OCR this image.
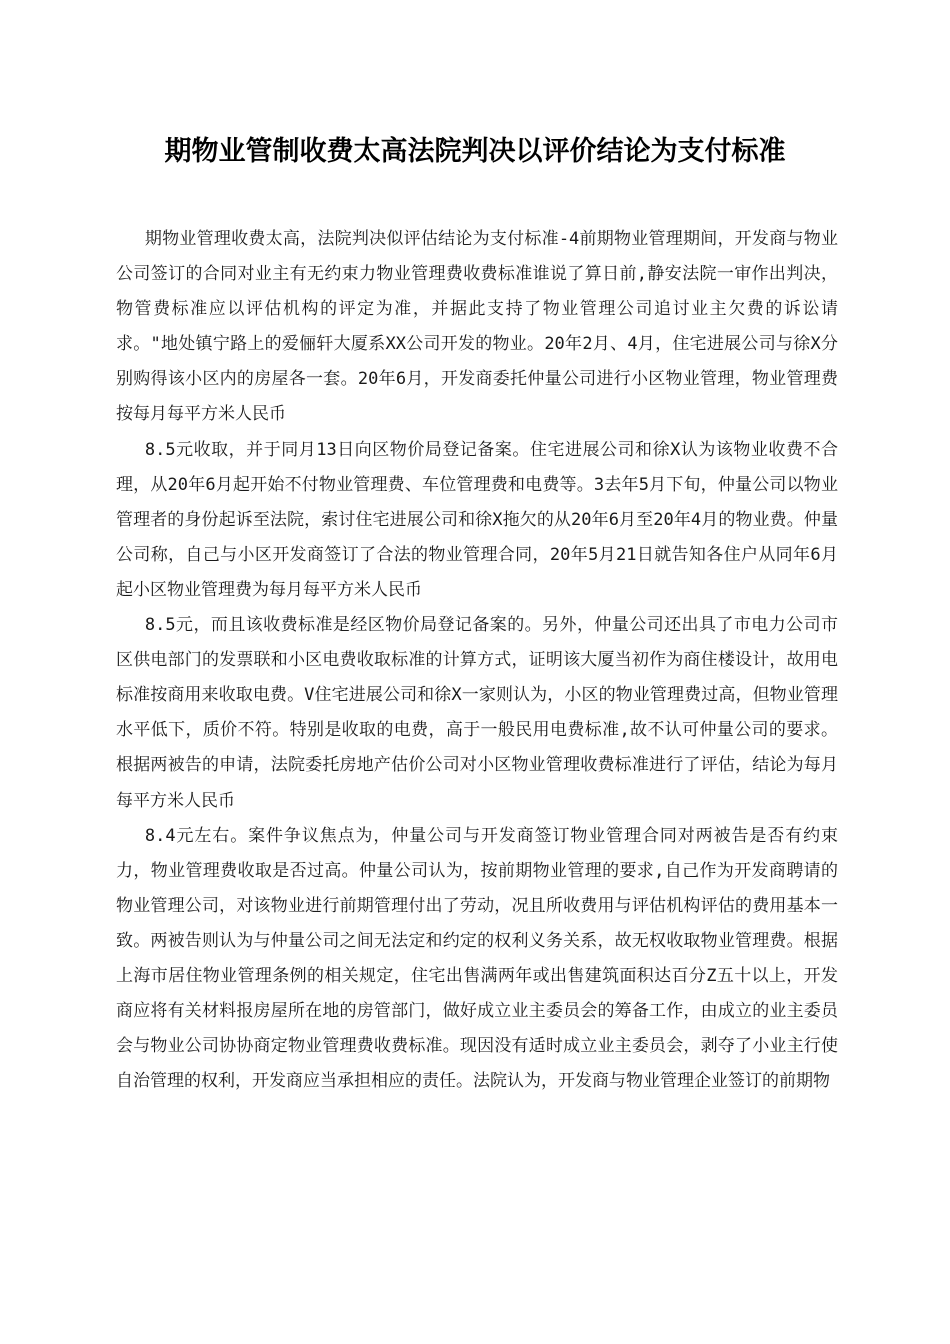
期物业管制收费太高法院判决以评价结论为支付标准

期物业管理收费太高，法院判决似评估结论为支付标准-4前期物业管理期间，开发商与物业公司签订的合同对业主有无约束力物业管理费收费标准谁说了算日前,静安法院一审作出判决，物管费标准应以评估机构的评定为准，并据此支持了物业管理公司追讨业主欠费的诉讼请求。"地处镇宁路上的爱俪轩大厦系XX公司开发的物业。20年2月、4月，住宅进展公司与徐X分别购得该小区内的房屋各一套。20年6月，开发商委托仲量公司进行小区物业管理，物业管理费按每月每平方米人民币

8.5元收取，并于同月13日向区物价局登记备案。住宅进展公司和徐X认为该物业收费不合理，从20年6月起开始不付物业管理费、车位管理费和电费等。3去年5月下旬，仲量公司以物业管理者的身份起诉至法院，索讨住宅进展公司和徐X拖欠的从20年6月至20年4月的物业费。仲量公司称，自己与小区开发商签订了合法的物业管理合同，20年5月21日就告知各住户从同年6月起小区物业管理费为每月每平方米人民币

8.5元，而且该收费标准是经区物价局登记备案的。另外，仲量公司还出具了市电力公司市区供电部门的发票联和小区电费收取标准的计算方式，证明该大厦当初作为商住楼设计，故用电标准按商用来收取电费。V住宅进展公司和徐X一家则认为，小区的物业管理费过高，但物业管理水平低下，质价不符。特别是收取的电费，高于一般民用电费标准,故不认可仲量公司的要求。根据两被告的申请，法院委托房地产估价公司对小区物业管理收费标准进行了评估，结论为每月每平方米人民币

8.4元左右。案件争议焦点为，仲量公司与开发商签订物业管理合同对两被告是否有约束力，物业管理费收取是否过高。仲量公司认为，按前期物业管理的要求,自己作为开发商聘请的物业管理公司，对该物业进行前期管理付出了劳动，况且所收费用与评估机构评估的费用基本一致。两被告则认为与仲量公司之间无法定和约定的权利义务关系，故无权收取物业管理费。根据上海市居住物业管理条例的相关规定，住宅出售满两年或出售建筑面积达百分Z五十以上，开发商应将有关材料报房屋所在地的房管部门，做好成立业主委员会的筹备工作，由成立的业主委员会与物业公司协协商定物业管理费收费标准。现因没有适时成立业主委员会，剥夺了小业主行使自治管理的权利，开发商应当承担相应的责任。法院认为，开发商与物业管理企业签订的前期物
